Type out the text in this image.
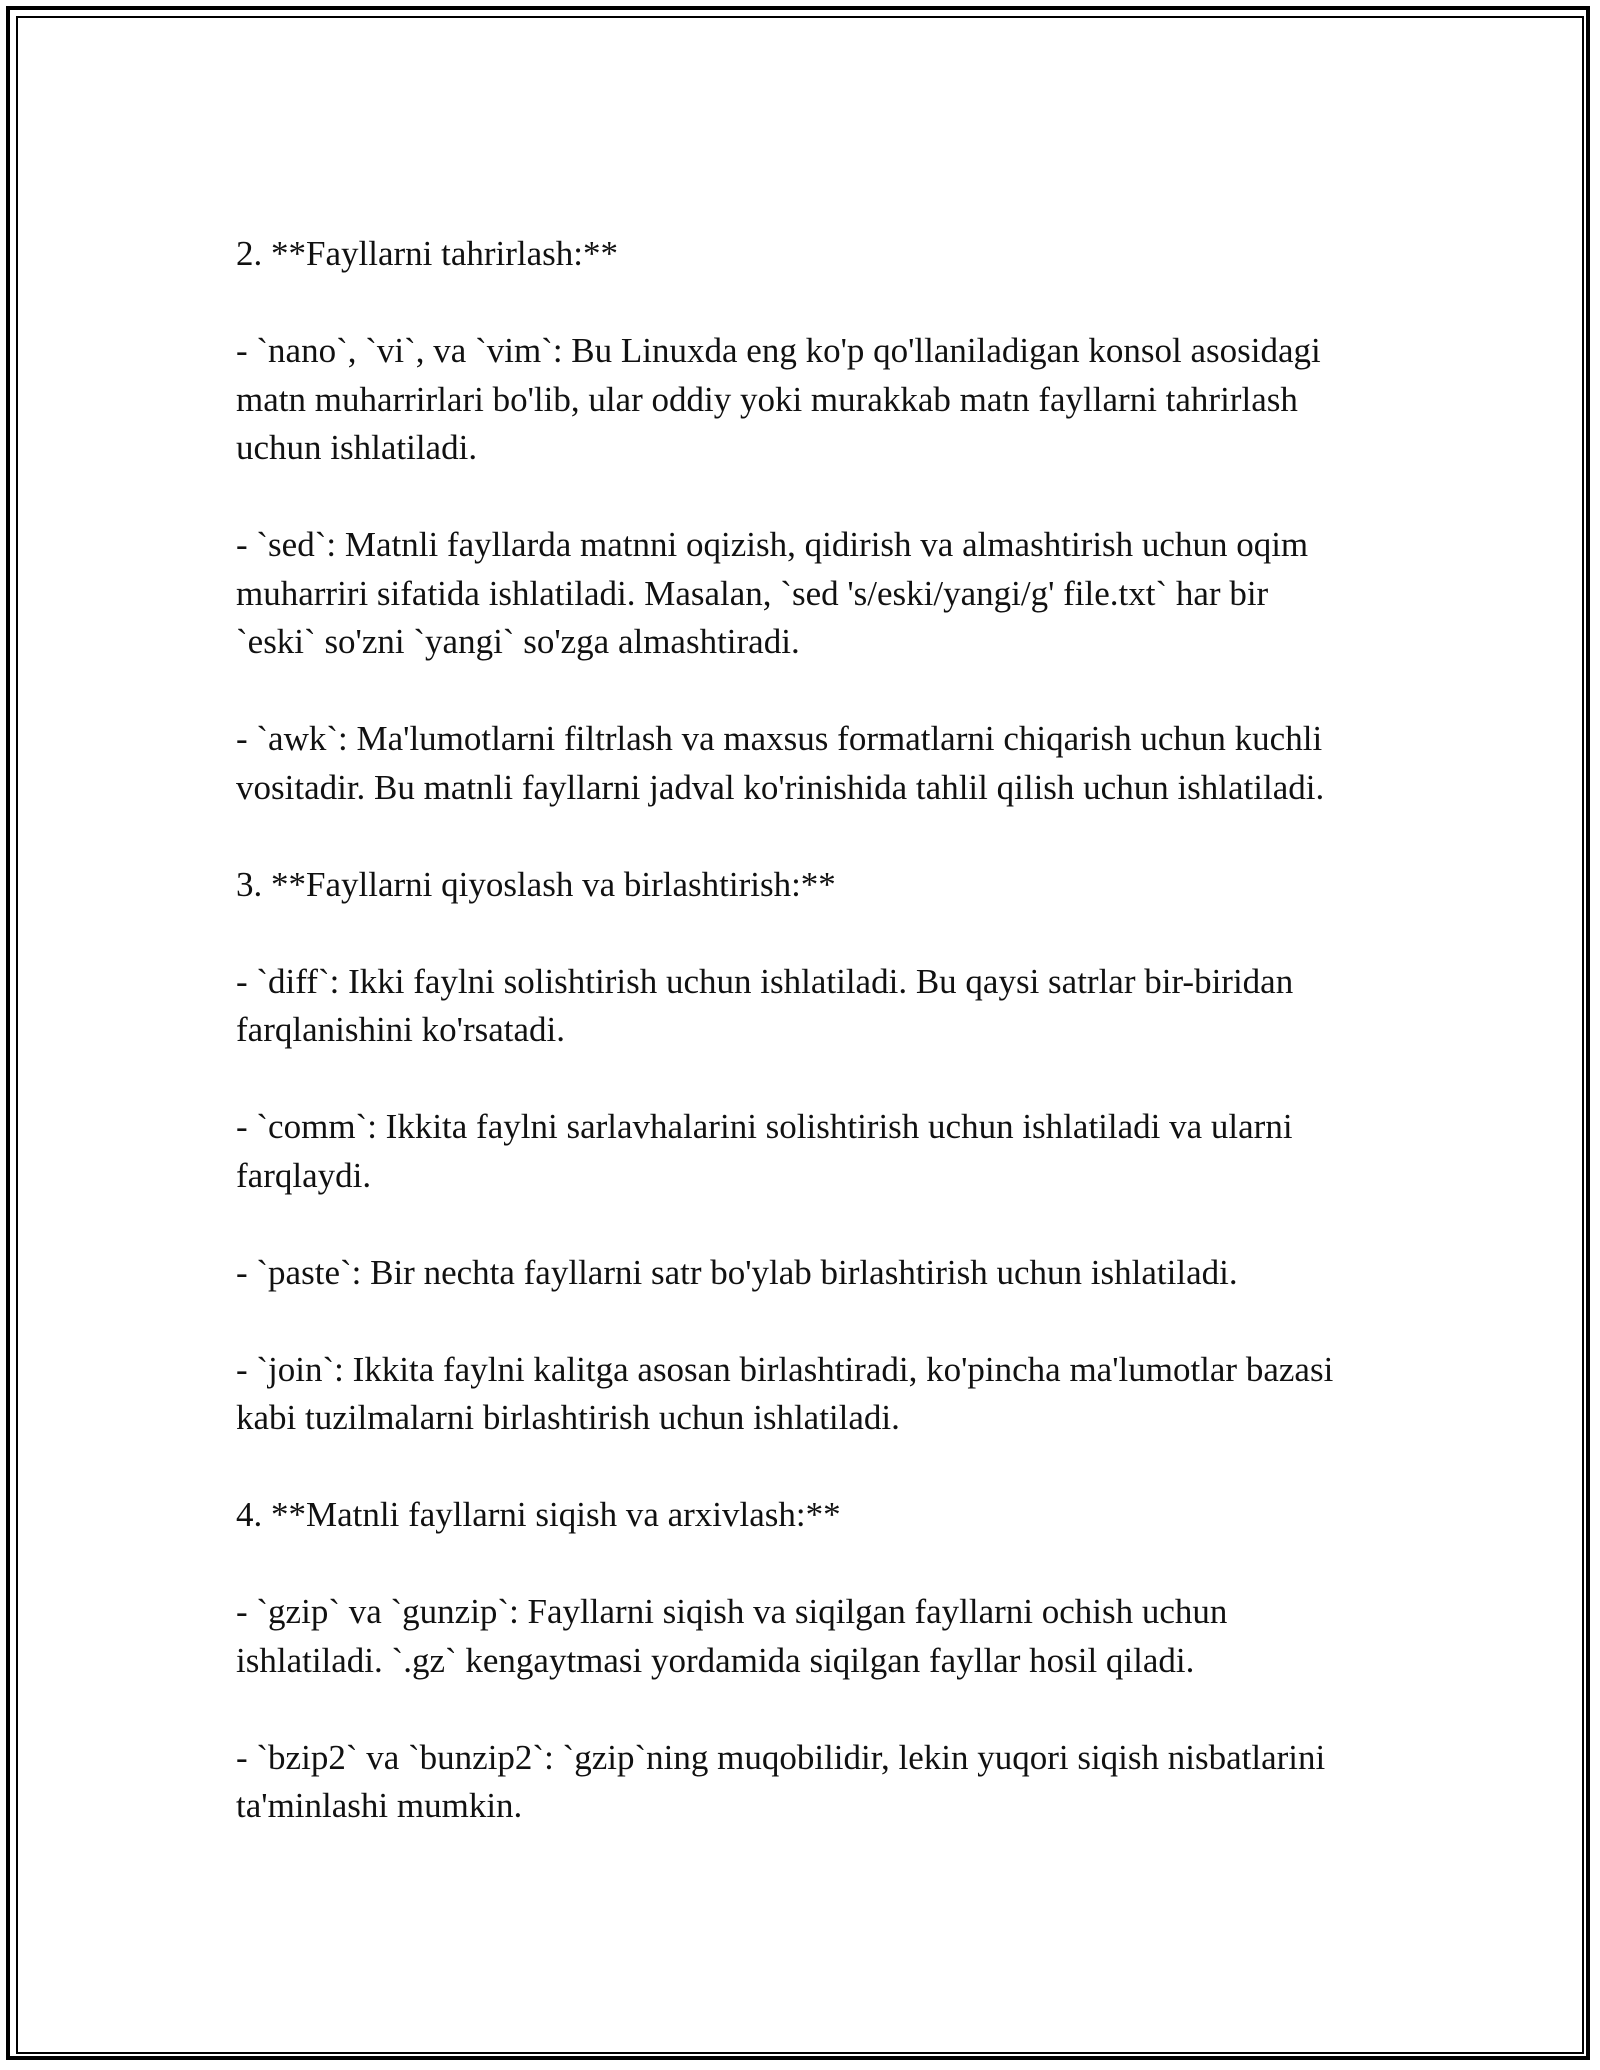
2. **Fayllarni tahrirlash:**

- `nano`, `vi`, va `vim`: Bu Linuxda eng ko'p qo'llaniladigan konsol asosidagi matn muharrirlari bo'lib, ular oddiy yoki murakkab matn fayllarni tahrirlash uchun ishlatiladi.

- `sed`: Matnli fayllarda matnni oqizish, qidirish va almashtirish uchun oqim muharriri sifatida ishlatiladi. Masalan, `sed 's/eski/yangi/g' file.txt` har bir `eski` so'zni `yangi` so'zga almashtiradi.

- `awk`: Ma'lumotlarni filtrlash va maxsus formatlarni chiqarish uchun kuchli vositadir. Bu matnli fayllarni jadval ko'rinishida tahlil qilish uchun ishlatiladi.

3. **Fayllarni qiyoslash va birlashtirish:**

- `diff`: Ikki faylni solishtirish uchun ishlatiladi. Bu qaysi satrlar bir-biridan farqlanishini ko'rsatadi.

- `comm`: Ikkita faylni sarlavhalarini solishtirish uchun ishlatiladi va ularni farqlaydi.

- `paste`: Bir nechta fayllarni satr bo'ylab birlashtirish uchun ishlatiladi.

- `join`: Ikkita faylni kalitga asosan birlashtiradi, ko'pincha ma'lumotlar bazasi kabi tuzilmalarni birlashtirish uchun ishlatiladi.

4. **Matnli fayllarni siqish va arxivlash:**

- `gzip` va `gunzip`: Fayllarni siqish va siqilgan fayllarni ochish uchun ishlatiladi. `.gz` kengaytmasi yordamida siqilgan fayllar hosil qiladi.

- `bzip2` va `bunzip2`: `gzip`ning muqobilidir, lekin yuqori siqish nisbatlarini ta'minlashi mumkin.
